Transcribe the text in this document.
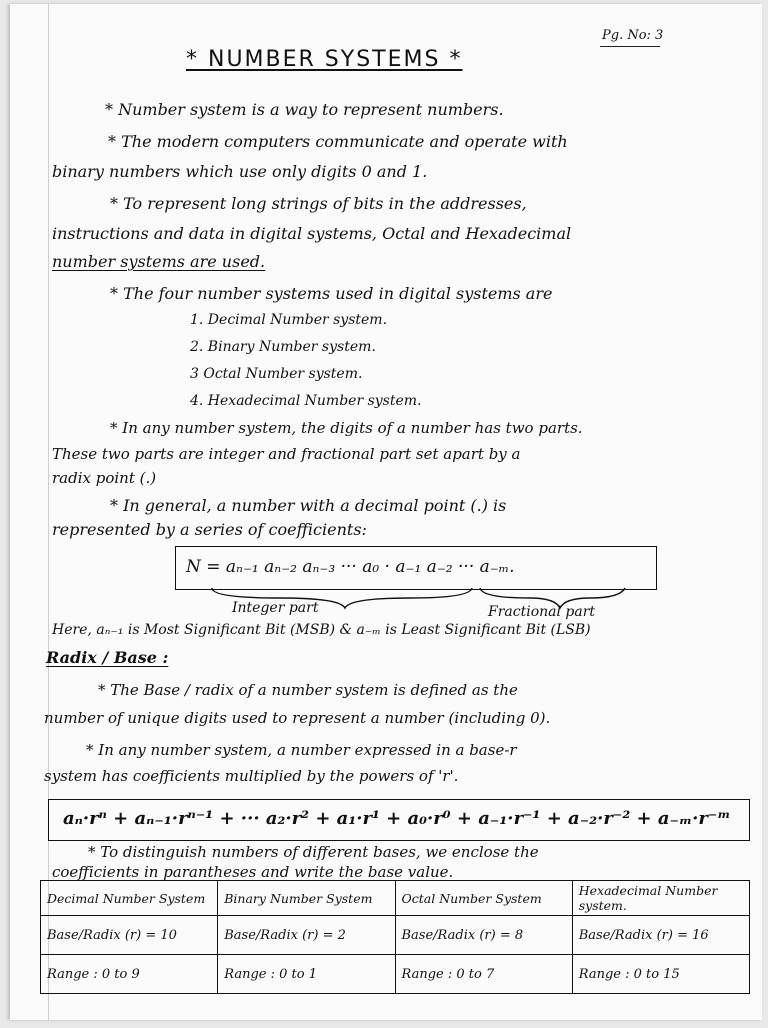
Pg. No: 3
* NUMBER SYSTEMS *
* Number system is a way to represent numbers.
* The modern computers communicate and operate with
binary numbers which use only digits 0 and 1.
* To represent long strings of bits in the addresses,
instructions and data in digital systems, Octal and Hexadecimal
number systems are used.
* The four number systems used in digital systems are
1. Decimal Number system.
2. Binary Number system.
3 Octal Number system.
4. Hexadecimal Number system.
* In any number system, the digits of a number has two parts.
These two parts are integer and fractional part set apart by a
radix point (.)
* In general, a number with a decimal point (.) is
represented by a series of coefficients:
N = aₙ₋₁ aₙ₋₂ aₙ₋₃ ··· a₀ · a₋₁ a₋₂ ··· a₋ₘ.
Integer part	Fractional part
Here, aₙ₋₁ is Most Significant Bit (MSB) & a₋ₘ is Least Significant Bit (LSB)
Radix / Base :
* The Base / radix of a number system is defined as the
number of unique digits used to represent a number (including 0).
* In any number system, a number expressed in a base-r
system has coefficients multiplied by the powers of 'r'.
aₙ·rⁿ + aₙ₋₁·rⁿ⁻¹ + ··· a₂·r² + a₁·r¹ + a₀·r⁰ + a₋₁·r⁻¹ + a₋₂·r⁻² + a₋ₘ·r⁻ᵐ
* To distinguish numbers of different bases, we enclose the
coefficients in parantheses and write the base value.
Decimal Number System	Binary Number System	Octal Number System	Hexadecimal Number system.
Base/Radix (r) = 10	Base/Radix (r) = 2	Base/Radix (r) = 8	Base/Radix (r) = 16
Range : 0 to 9	Range : 0 to 1	Range : 0 to 7	Range : 0 to 15
